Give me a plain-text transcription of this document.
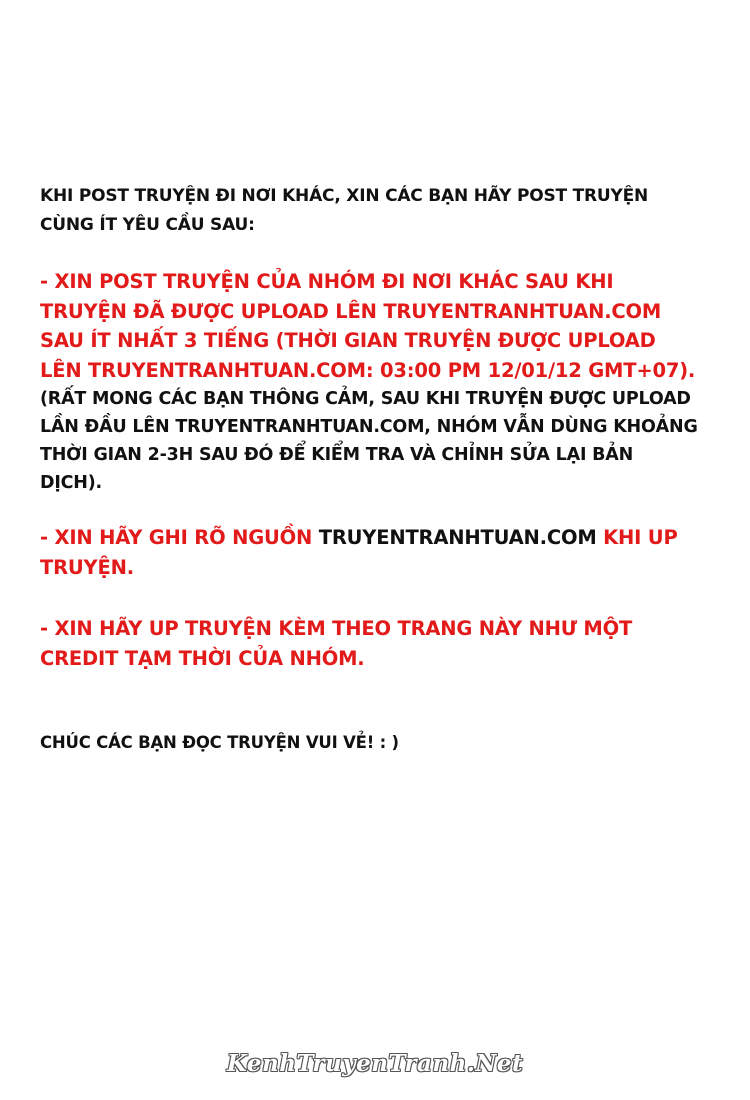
KHI POST TRUYỆN ĐI NƠI KHÁC, XIN CÁC BẠN HÃY POST TRUYỆN
CÙNG ÍT YÊU CẦU SAU:
- XIN POST TRUYỆN CỦA NHÓM ĐI NƠI KHÁC SAU KHI
TRUYỆN ĐÃ ĐƯỢC UPLOAD LÊN TRUYENTRANHTUAN.COM
SAU ÍT NHẤT 3 TIẾNG (THỜI GIAN TRUYỆN ĐƯỢC UPLOAD
LÊN TRUYENTRANHTUAN.COM: 03:00 PM 12/01/12 GMT+07).
(RẤT MONG CÁC BẠN THÔNG CẢM, SAU KHI TRUYỆN ĐƯỢC UPLOAD
LẦN ĐẦU LÊN TRUYENTRANHTUAN.COM, NHÓM VẪN DÙNG KHOẢNG
THỜI GIAN 2-3H SAU ĐÓ ĐỂ KIỂM TRA VÀ CHỈNH SỬA LẠI BẢN
DỊCH).
- XIN HÃY GHI RÕ NGUỒN TRUYENTRANHTUAN.COM KHI UP
TRUYỆN.
- XIN HÃY UP TRUYỆN KÈM THEO TRANG NÀY NHƯ MỘT
CREDIT TẠM THỜI CỦA NHÓM.
CHÚC CÁC BẠN ĐỌC TRUYỆN VUI VẺ! : )
KenhTruyenTranh.Net
